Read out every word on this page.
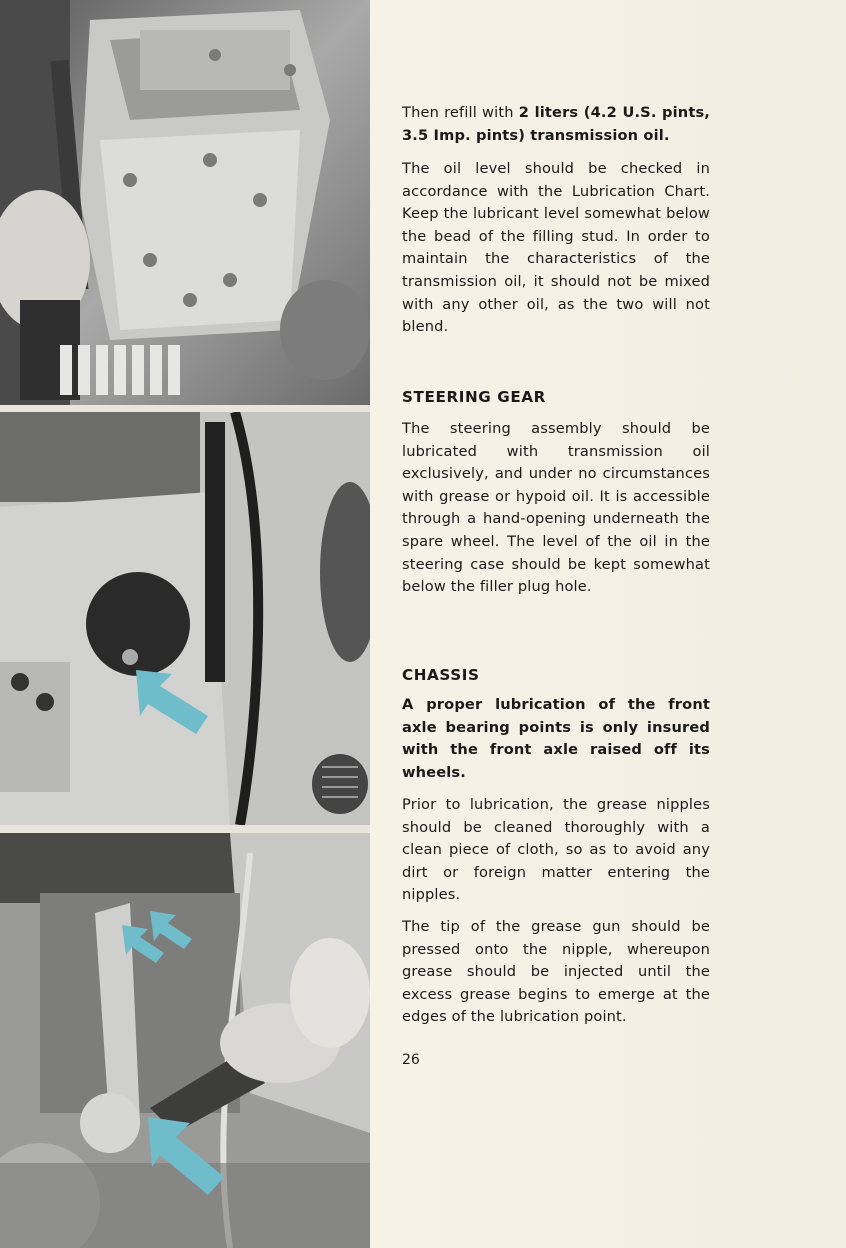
Then refill with 2 liters (4.2 U.S. pints, 3.5 Imp. pints) transmission oil.

The oil level should be checked in accordance with the Lubrication Chart. Keep the lubricant level somewhat below the bead of the filling stud. In order to maintain the characteristics of the transmission oil, it should not be mixed with any other oil, as the two will not blend.

STEERING GEAR

The steering assembly should be lubricated with transmission oil exclusively, and under no circumstances with grease or hypoid oil. It is accessible through a hand-opening underneath the spare wheel. The level of the oil in the steering case should be kept somewhat below the filler plug hole.

CHASSIS

A proper lubrication of the front axle bearing points is only insured with the front axle raised off its wheels.

Prior to lubrication, the grease nipples should be cleaned thoroughly with a clean piece of cloth, so as to avoid any dirt or foreign matter entering the nipples.

The tip of the grease gun should be pressed onto the nipple, whereupon grease should be injected until the excess grease begins to emerge at the edges of the lubrication point.

26
